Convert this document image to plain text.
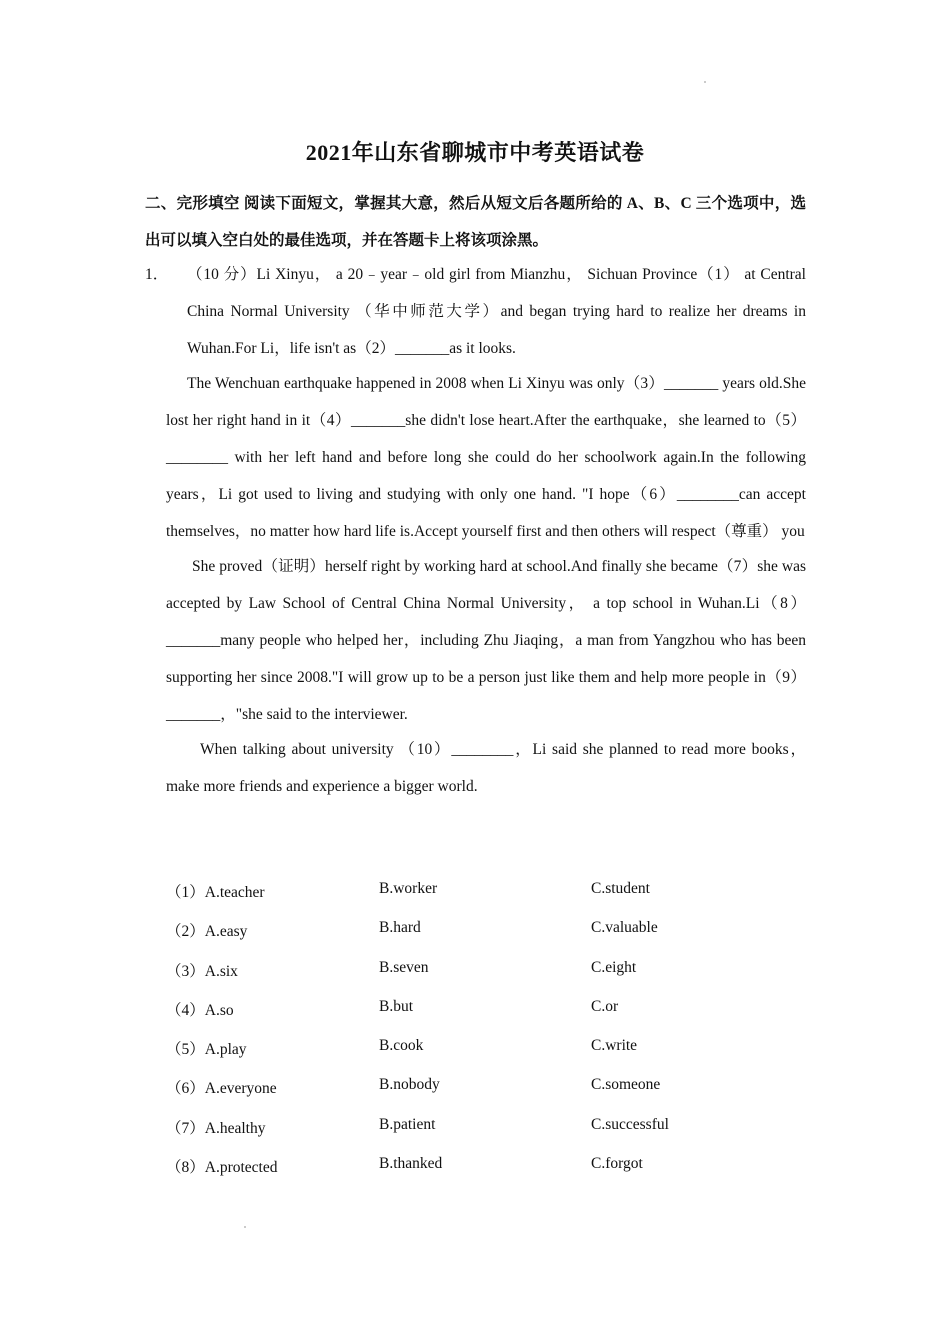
2021年山东省聊城市中考英语试卷
二、完形填空 阅读下面短文，掌握其大意，然后从短文后各题所给的 A、B、C 三个选项中，选出可以填入空白处的最佳选项，并在答题卡上将该项涂黑。
1．	（10 分）Li Xinyu， a 20﹣year﹣old girl from Mianzhu， Sichuan Province（1） at Central China Normal University （华中师范大学）and began trying hard to realize her dreams in Wuhan.For Li，life isn't as（2）_______as it looks.

The Wenchuan earthquake happened in 2008 when Li Xinyu was only（3）_______ years old.She lost her right hand in it（4）_______she didn't lose heart.After the earthquake，she learned to（5）________ with her left hand and before long she could do her schoolwork again.In the following years，Li got used to living and studying with only one hand. "I hope（6）________can accept themselves，no matter how hard life is.Accept yourself first and then others will respect（尊重） you

She proved（证明）herself right by working hard at school.And finally she became（7）she was accepted by Law School of Central China Normal University， a top school in Wuhan.Li（8）_______many people who helped her，including Zhu Jiaqing，a man from Yangzhou who has been supporting her since 2008."I will grow up to be a person just like them and help more people in（9）_______，"she said to the interviewer.

When talking about university （10）________，Li said she planned to read more books，make more friends and experience a bigger world.

（1）A.teacher	B.worker	C.student
（2）A.easy	B.hard	C.valuable
（3）A.six	B.seven	C.eight
（4）A.so	B.but	C.or
（5）A.play	B.cook	C.write
（6）A.everyone	B.nobody	C.someone
（7）A.healthy	B.patient	C.successful
（8）A.protected	B.thanked	C.forgot
